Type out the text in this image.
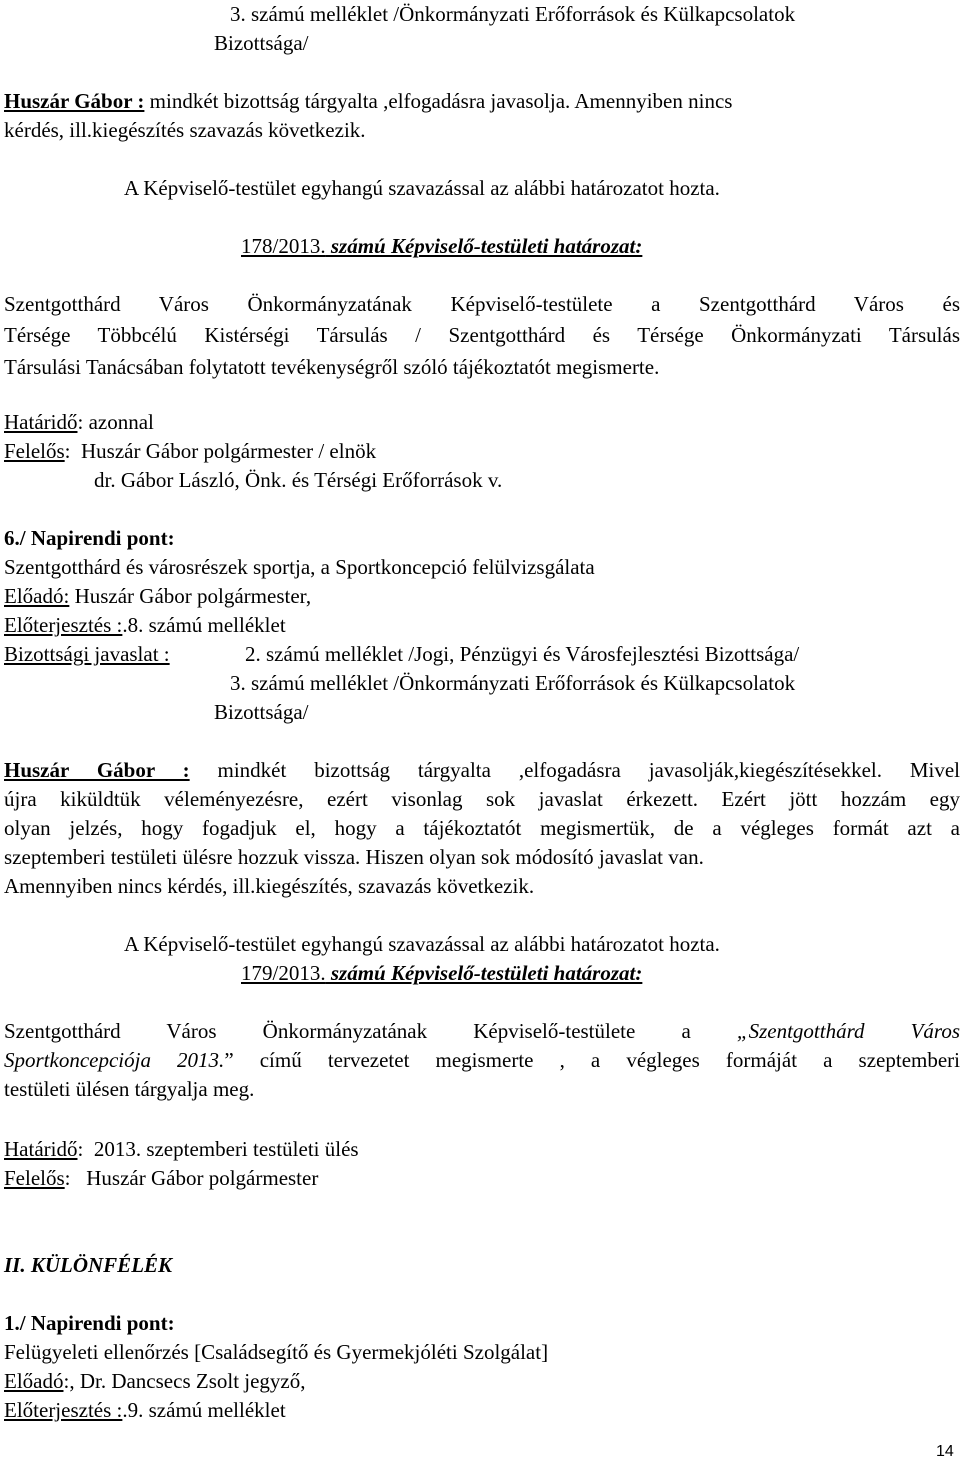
3. számú melléklet /Önkormányzati Erőforrások és Külkapcsolatok
Bizottsága/
Huszár Gábor : mindkét bizottság tárgyalta ,elfogadásra javasolja. Amennyiben nincs
kérdés, ill.kiegészítés szavazás következik.
A Képviselő-testület egyhangú szavazással az alábbi határozatot hozta.
178/2013. számú Képviselő-testületi határozat:
Szentgotthárd Város Önkormányzatának Képviselő-testülete a Szentgotthárd Város és
Térsége Többcélú Kistérségi Társulás / Szentgotthárd és Térsége Önkormányzati Társulás
Társulási Tanácsában folytatott tevékenységről szóló tájékoztatót megismerte.
Határidő: azonnal
Felelős:  Huszár Gábor polgármester / elnök
dr. Gábor László, Önk. és Térségi Erőforrások v.
6./ Napirendi pont:
Szentgotthárd és városrészek sportja, a Sportkoncepció felülvizsgálata
Előadó: Huszár Gábor polgármester,
Előterjesztés :.8. számú melléklet
Bizottsági javaslat :	2. számú melléklet /Jogi, Pénzügyi és Városfejlesztési Bizottsága/
3. számú melléklet /Önkormányzati Erőforrások és Külkapcsolatok
Bizottsága/
Huszár Gábor : mindkét bizottság tárgyalta ,elfogadásra javasolják,kiegészítésekkel. Mivel
újra kiküldtük véleményezésre, ezért visonlag sok javaslat érkezett. Ezért jött hozzám egy
olyan jelzés, hogy fogadjuk el, hogy a tájékoztatót megismertük, de a végleges formát azt a
szeptemberi testületi ülésre hozzuk vissza. Hiszen olyan sok módosító javaslat van.
Amennyiben nincs kérdés, ill.kiegészítés, szavazás következik.
A Képviselő-testület egyhangú szavazással az alábbi határozatot hozta.
179/2013. számú Képviselő-testületi határozat:
Szentgotthárd Város Önkormányzatának Képviselő-testülete a „Szentgotthárd Város
Sportkoncepciója 2013.” című tervezetet megismerte , a végleges formáját a szeptemberi
testületi ülésen tárgyalja meg.
Határidő:  2013. szeptemberi testületi ülés
Felelős:   Huszár Gábor polgármester
II. KÜLÖNFÉLÉK
1./ Napirendi pont:
Felügyeleti ellenőrzés [Családsegítő és Gyermekjóléti Szolgálat]
Előadó:, Dr. Dancsecs Zsolt jegyző,
Előterjesztés :.9. számú melléklet
14
